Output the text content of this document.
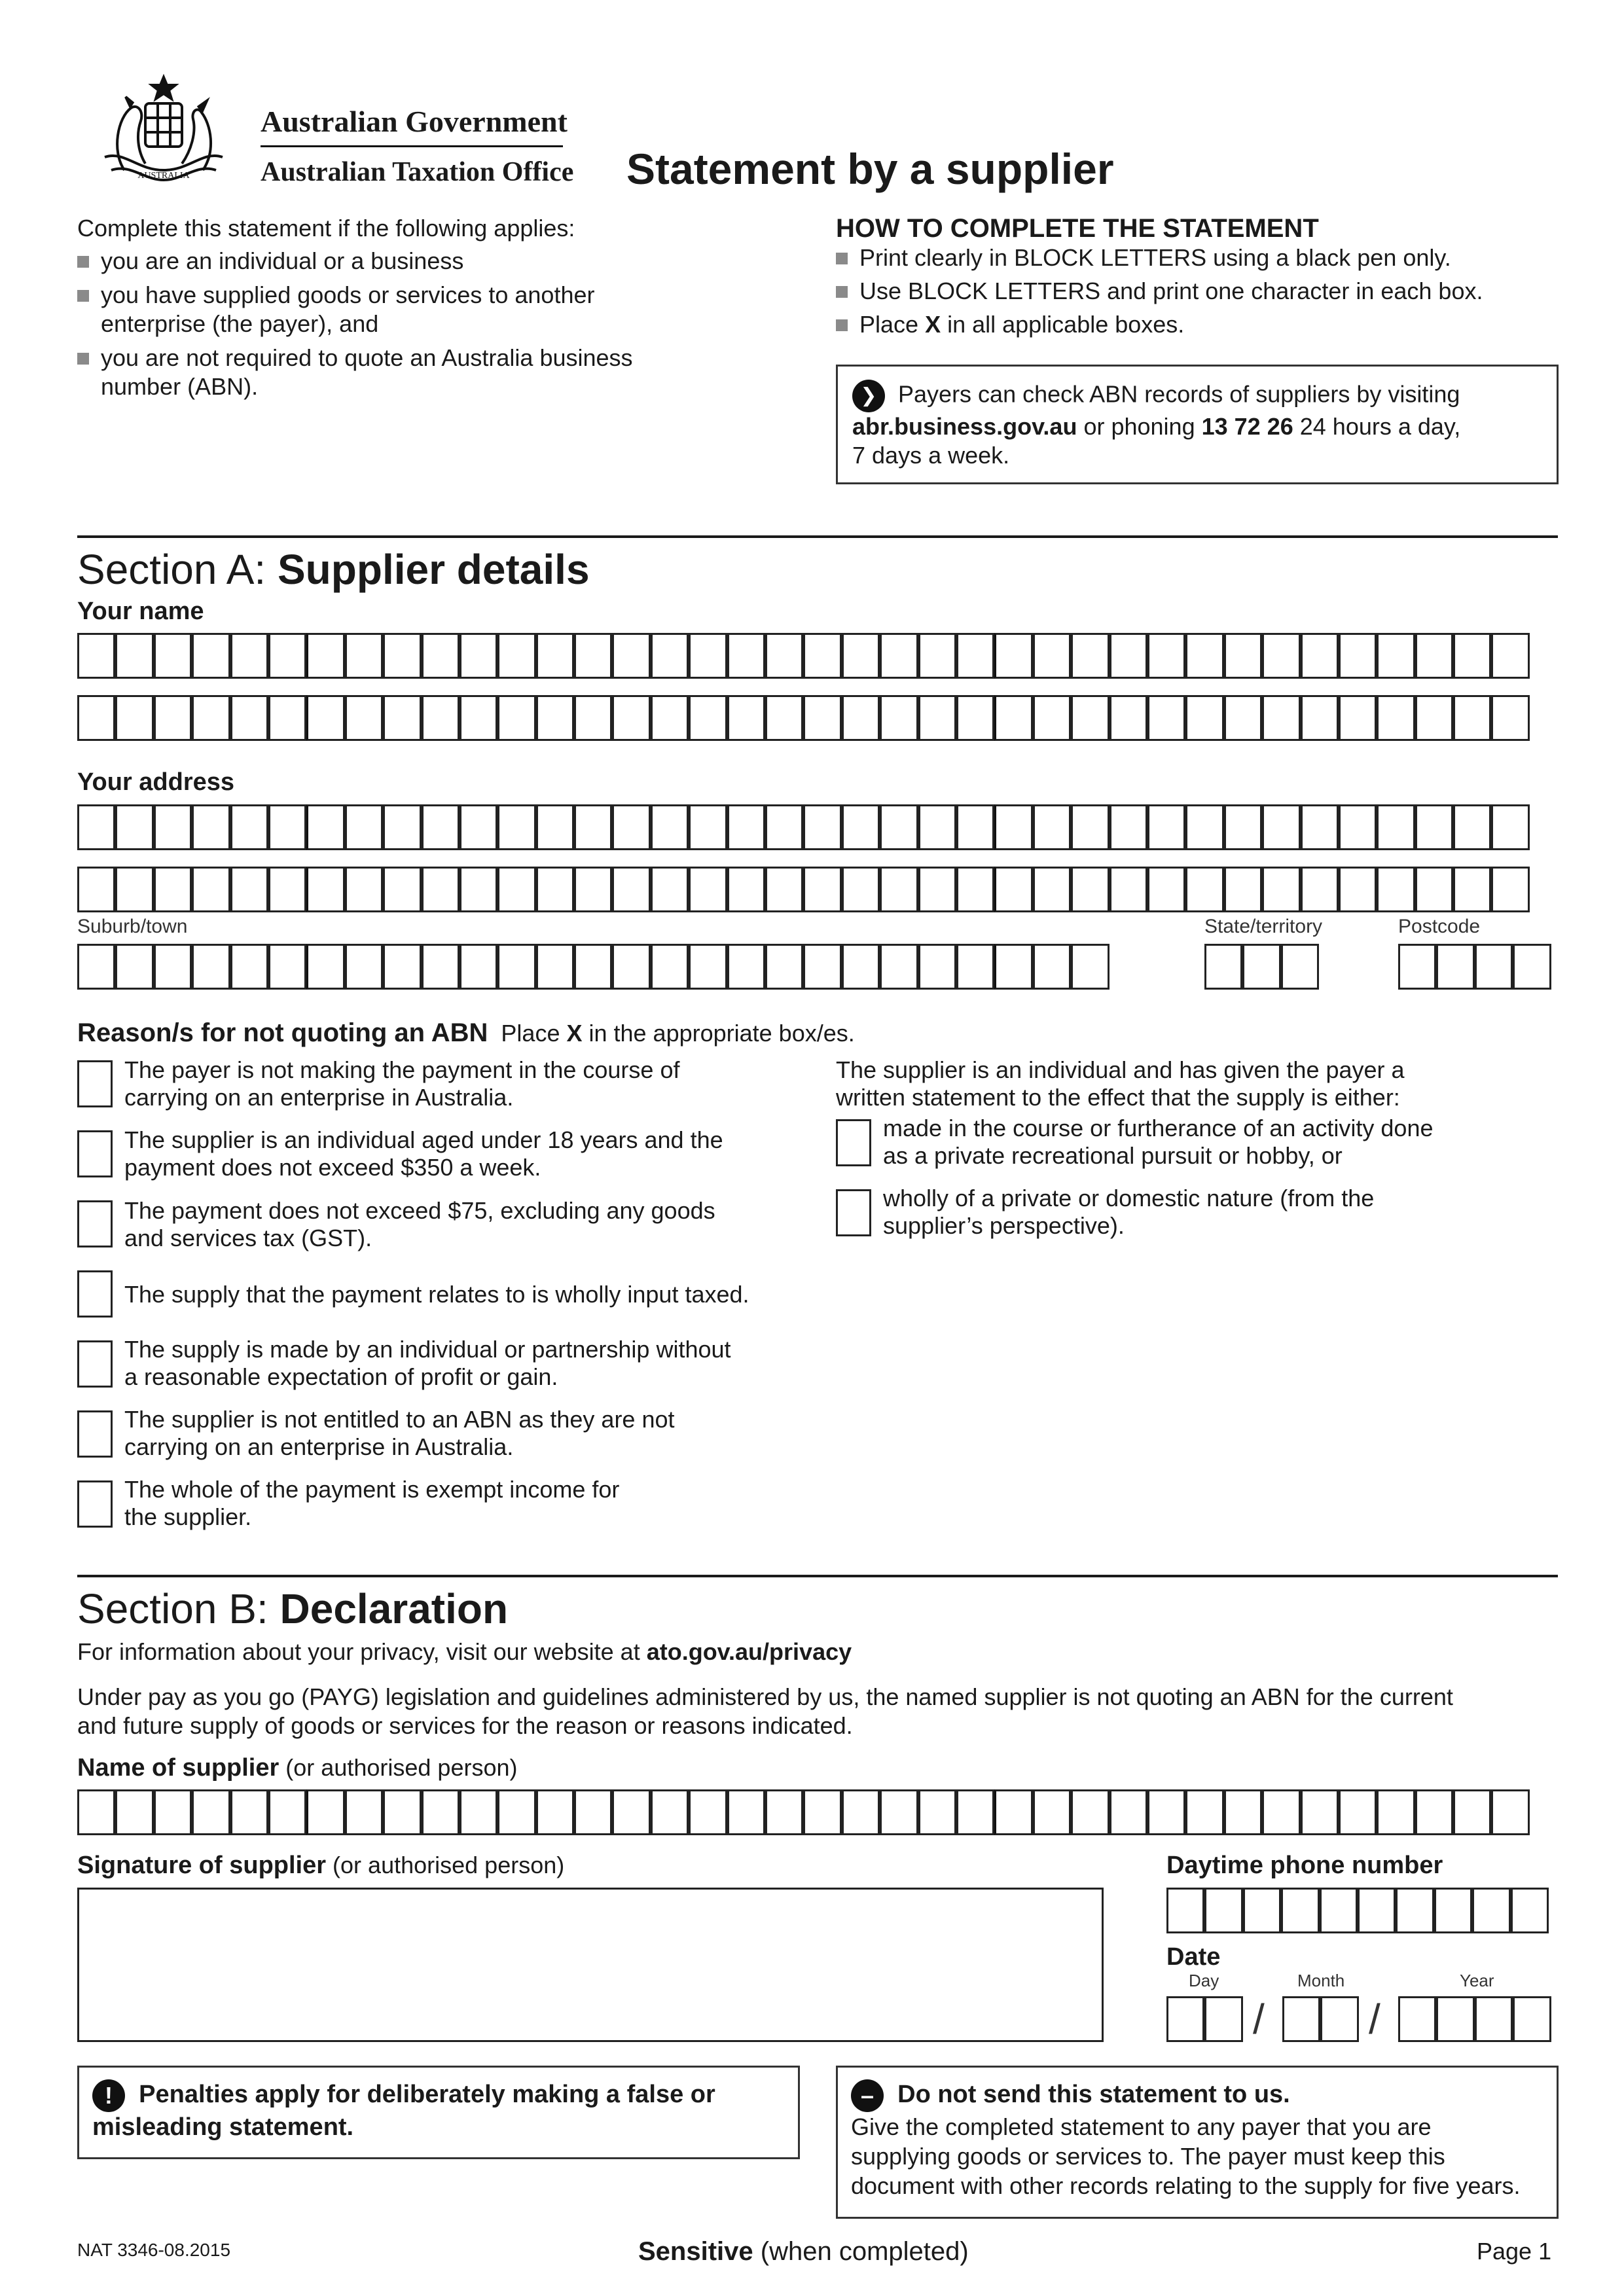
AUSTRALIA
Australian Government
Australian Taxation Office Statement by a supplier
Complete this statement if the following applies:
you are an individual or a business
you have supplied goods or services to another enterprise (the payer), and
you are not required to quote an Australia business number (ABN).
HOW TO COMPLETE THE STATEMENT
Print clearly in BLOCK LETTERS using a black pen only.
Use BLOCK LETTERS and print one character in each box.
Place X in all applicable boxes.
❯ Payers can check ABN records of suppliers by visiting
abr.business.gov.au or phoning 13 72 26 24 hours a day,
7 days a week.
Section A: Supplier details
Your name
Your address
Suburb/town	State/territory	Postcode
Reason/s for not quoting an ABN Place X in the appropriate box/es.
The payer is not making the payment in the course of
carrying on an enterprise in Australia.
The supplier is an individual aged under 18 years and the
payment does not exceed $350 a week.
The payment does not exceed $75, excluding any goods
and services tax (GST).
The supply that the payment relates to is wholly input taxed.
The supply is made by an individual or partnership without
a reasonable expectation of profit or gain.
The supplier is not entitled to an ABN as they are not
carrying on an enterprise in Australia.
The whole of the payment is exempt income for
the supplier.
The supplier is an individual and has given the payer a
written statement to the effect that the supply is either:
made in the course or furtherance of an activity done
as a private recreational pursuit or hobby, or
wholly of a private or domestic nature (from the
supplier’s perspective).
Section B: Declaration
For information about your privacy, visit our website at ato.gov.au/privacy
Under pay as you go (PAYG) legislation and guidelines administered by us, the named supplier is not quoting an ABN for the current
and future supply of goods or services for the reason or reasons indicated.
Name of supplier (or authorised person)
Signature of supplier (or authorised person)	Daytime phone number
Date
Day	Month	Year
/ /
! Penalties apply for deliberately making a false or
misleading statement.
– Do not send this statement to us.
Give the completed statement to any payer that you are
supplying goods or services to. The payer must keep this
document with other records relating to the supply for five years.
NAT 3346-08.2015	Sensitive (when completed)	Page 1
